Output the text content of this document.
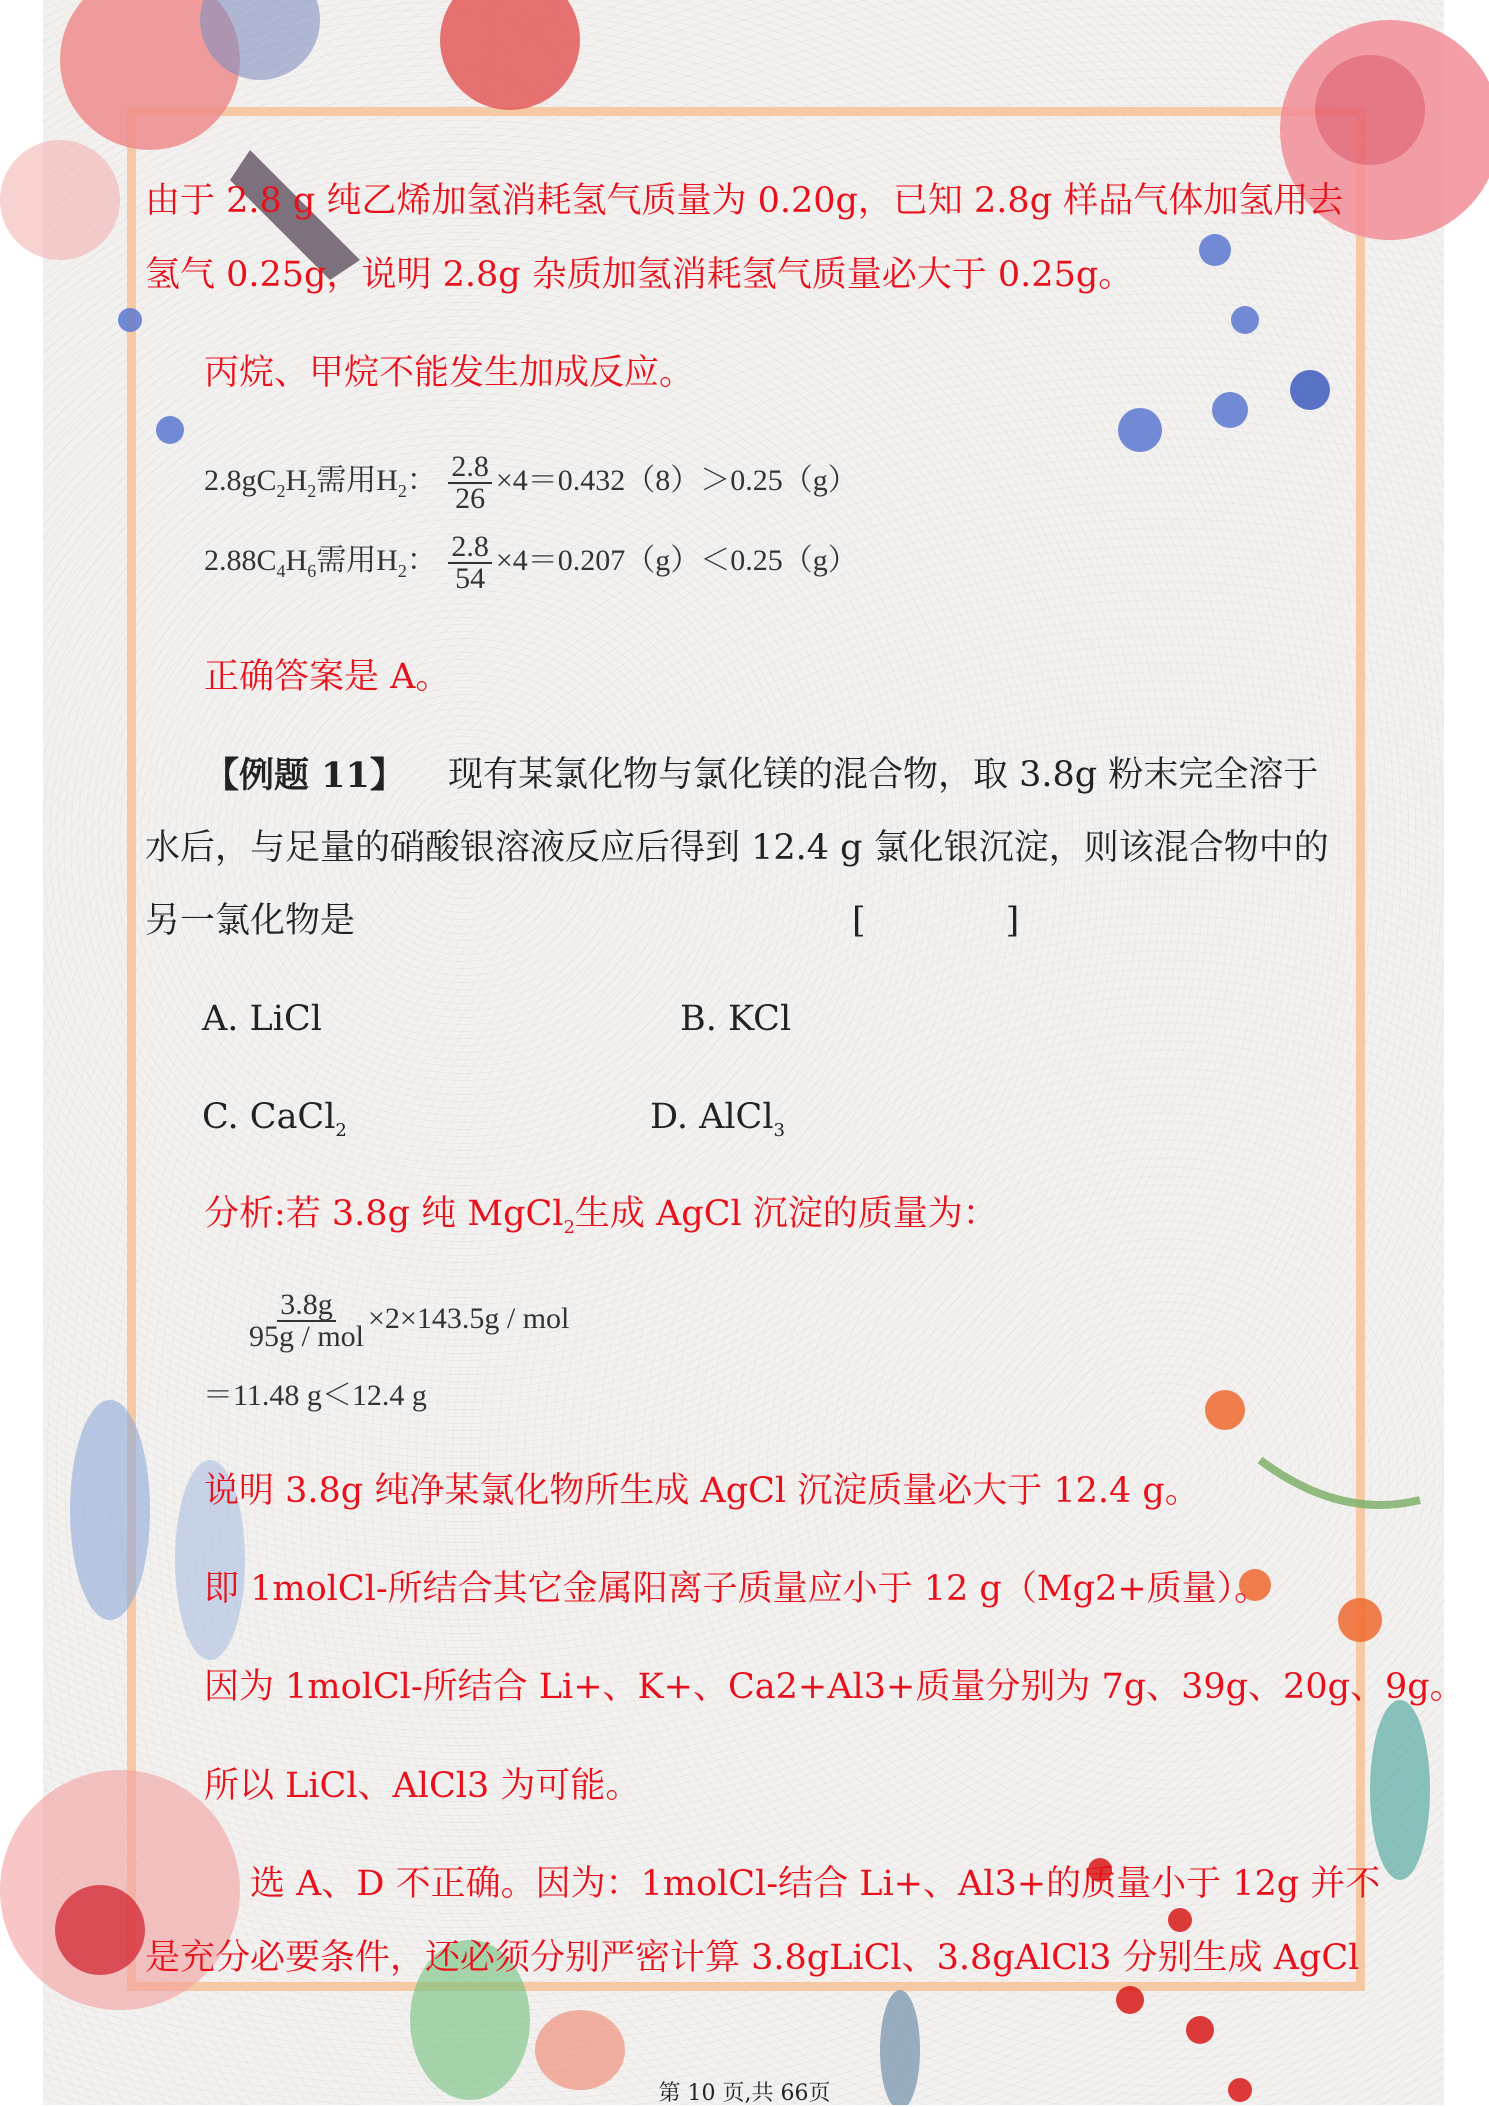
由于 2.8 g 纯乙烯加氢消耗氢气质量为 0.20g，已知 2.8g 样品气体加氢用去
氢气 0.25g，说明 2.8g 杂质加氢消耗氢气质量必大于 0.25g。
丙烷、甲烷不能发生加成反应。
$2.8gC_2H_2$需用$H_2$： $\frac{2.8}{26} \times 4=0.432(8)>0.25(g)$
$2.88C_4H_6$需用$H_2$： $\frac{2.8}{54} \times 4=0.207(g)<0.25(g)$
正确答案是 A。
【例题 11】 现有某氯化物与氯化镁的混合物，取 3.8g 粉末完全溶于
水后，与足量的硝酸银溶液反应后得到 12.4 g 氯化银沉淀，则该混合物中的
另一氯化物是	[　　　　]
A. LiCl	B. KCl
C. CaCl$_2$	D. AlCl$_3$
分析:若 3.8g 纯 MgCl$_2$生成 AgCl 沉淀的质量为：
$\frac{3.8g}{\text{95g / mol}} \times 2\times 143.5g$ / mol
＝11.48 g＜12.4 g
说明 3.8g 纯净某氯化物所生成 AgCl 沉淀质量必大于 12.4 g。
即 1molCl-所结合其它金属阳离子质量应小于 12 g（Mg2+质量）。
因为 1molCl-所结合 Li+、K+、Ca2+Al3+质量分别为 7g、39g、20g、9g。
所以 LiCl、AlCl3 为可能。
选 A、D 不正确。因为：1molCl-结合 Li+、Al3+的质量小于 12g 并不
是充分必要条件，还必须分别严密计算 3.8gLiCl、3.8gAlCl3 分别生成 AgCl
第 10 页,共 66页
